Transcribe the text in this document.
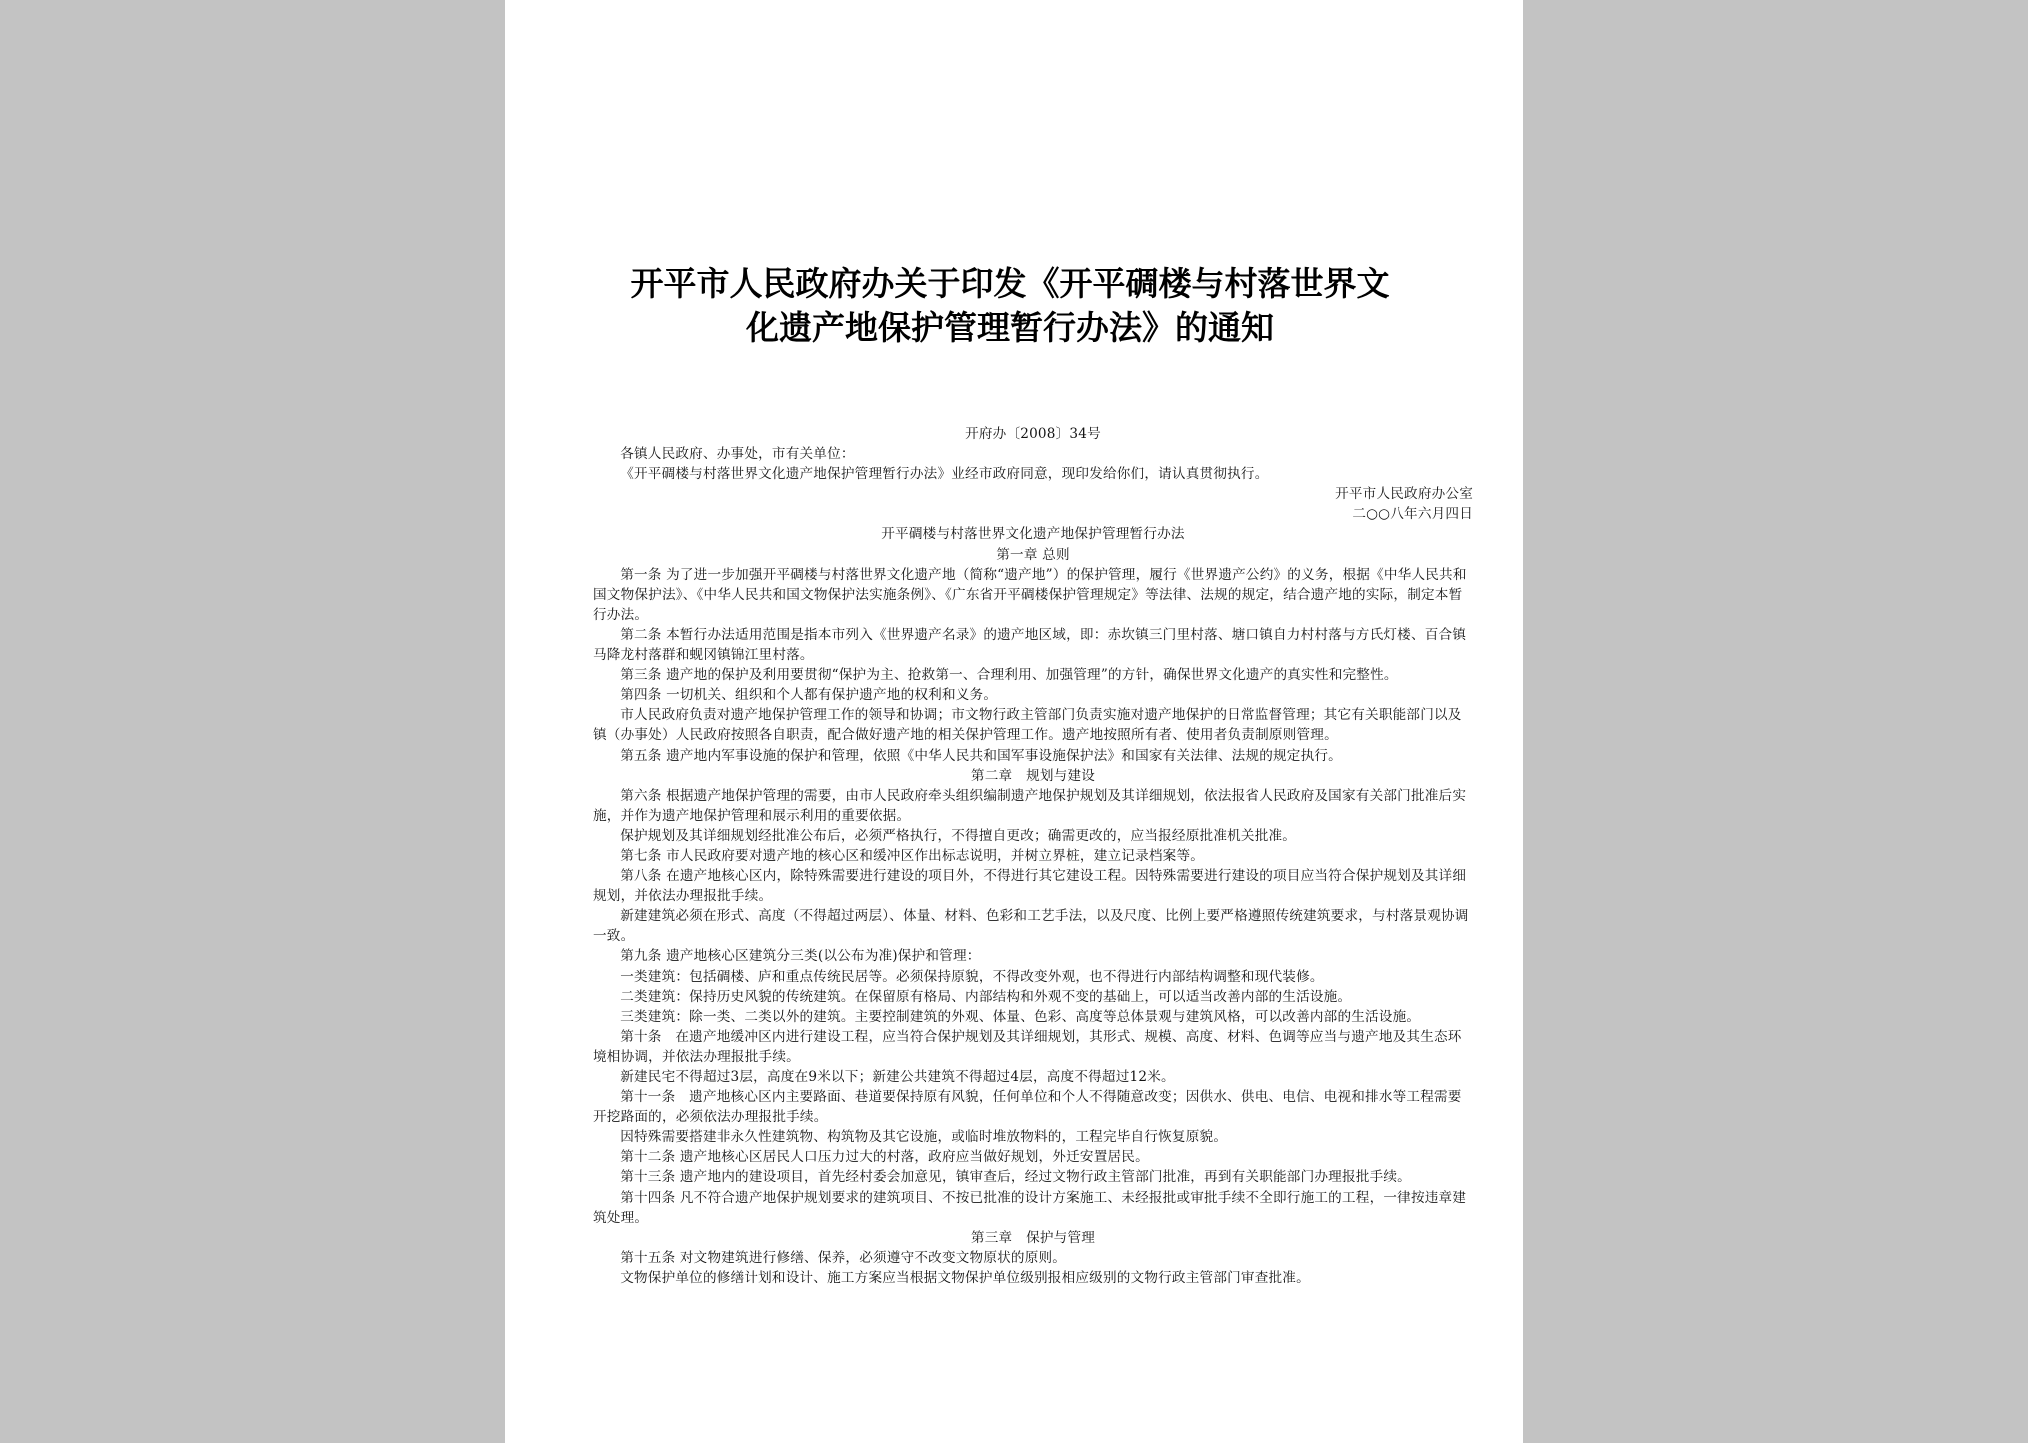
开平市人民政府办关于印发《开平碉楼与村落世界文
化遗产地保护管理暂行办法》的通知

开府办〔2008〕34号

各镇人民政府、办事处，市有关单位：

《开平碉楼与村落世界文化遗产地保护管理暂行办法》业经市政府同意，现印发给你们，请认真贯彻执行。

开平市人民政府办公室

二○○八年六月四日

开平碉楼与村落世界文化遗产地保护管理暂行办法

第一章 总则

第一条 为了进一步加强开平碉楼与村落世界文化遗产地（简称“遗产地”）的保护管理，履行《世界遗产公约》的义务，根据《中华人民共和国文物保护法》、《中华人民共和国文物保护法实施条例》、《广东省开平碉楼保护管理规定》等法律、法规的规定，结合遗产地的实际，制定本暂行办法。

第二条 本暂行办法适用范围是指本市列入《世界遗产名录》的遗产地区域，即：赤坎镇三门里村落、塘口镇自力村村落与方氏灯楼、百合镇马降龙村落群和蚬冈镇锦江里村落。

第三条 遗产地的保护及利用要贯彻“保护为主、抢救第一、合理利用、加强管理”的方针，确保世界文化遗产的真实性和完整性。

第四条 一切机关、组织和个人都有保护遗产地的权利和义务。

市人民政府负责对遗产地保护管理工作的领导和协调；市文物行政主管部门负责实施对遗产地保护的日常监督管理；其它有关职能部门以及镇（办事处）人民政府按照各自职责，配合做好遗产地的相关保护管理工作。遗产地按照所有者、使用者负责制原则管理。

第五条 遗产地内军事设施的保护和管理，依照《中华人民共和国军事设施保护法》和国家有关法律、法规的规定执行。

第二章　规划与建设

第六条 根据遗产地保护管理的需要，由市人民政府牵头组织编制遗产地保护规划及其详细规划，依法报省人民政府及国家有关部门批准后实施，并作为遗产地保护管理和展示利用的重要依据。

保护规划及其详细规划经批准公布后，必须严格执行，不得擅自更改；确需更改的，应当报经原批准机关批准。

第七条 市人民政府要对遗产地的核心区和缓冲区作出标志说明，并树立界桩，建立记录档案等。

第八条 在遗产地核心区内，除特殊需要进行建设的项目外，不得进行其它建设工程。因特殊需要进行建设的项目应当符合保护规划及其详细规划，并依法办理报批手续。

新建建筑必须在形式、高度（不得超过两层）、体量、材料、色彩和工艺手法，以及尺度、比例上要严格遵照传统建筑要求，与村落景观协调一致。

第九条 遗产地核心区建筑分三类(以公布为准)保护和管理：

一类建筑：包括碉楼、庐和重点传统民居等。必须保持原貌，不得改变外观，也不得进行内部结构调整和现代装修。

二类建筑：保持历史风貌的传统建筑。在保留原有格局、内部结构和外观不变的基础上，可以适当改善内部的生活设施。

三类建筑：除一类、二类以外的建筑。主要控制建筑的外观、体量、色彩、高度等总体景观与建筑风格，可以改善内部的生活设施。

第十条　在遗产地缓冲区内进行建设工程，应当符合保护规划及其详细规划，其形式、规模、高度、材料、色调等应当与遗产地及其生态环境相协调，并依法办理报批手续。

新建民宅不得超过3层，高度在9米以下；新建公共建筑不得超过4层，高度不得超过12米。

第十一条　遗产地核心区内主要路面、巷道要保持原有风貌，任何单位和个人不得随意改变；因供水、供电、电信、电视和排水等工程需要开挖路面的，必须依法办理报批手续。

因特殊需要搭建非永久性建筑物、构筑物及其它设施，或临时堆放物料的，工程完毕自行恢复原貌。

第十二条 遗产地核心区居民人口压力过大的村落，政府应当做好规划，外迁安置居民。

第十三条 遗产地内的建设项目，首先经村委会加意见，镇审查后，经过文物行政主管部门批准，再到有关职能部门办理报批手续。

第十四条 凡不符合遗产地保护规划要求的建筑项目、不按已批准的设计方案施工、未经报批或审批手续不全即行施工的工程，一律按违章建筑处理。

第三章　保护与管理

第十五条 对文物建筑进行修缮、保养，必须遵守不改变文物原状的原则。

文物保护单位的修缮计划和设计、施工方案应当根据文物保护单位级别报相应级别的文物行政主管部门审查批准。
